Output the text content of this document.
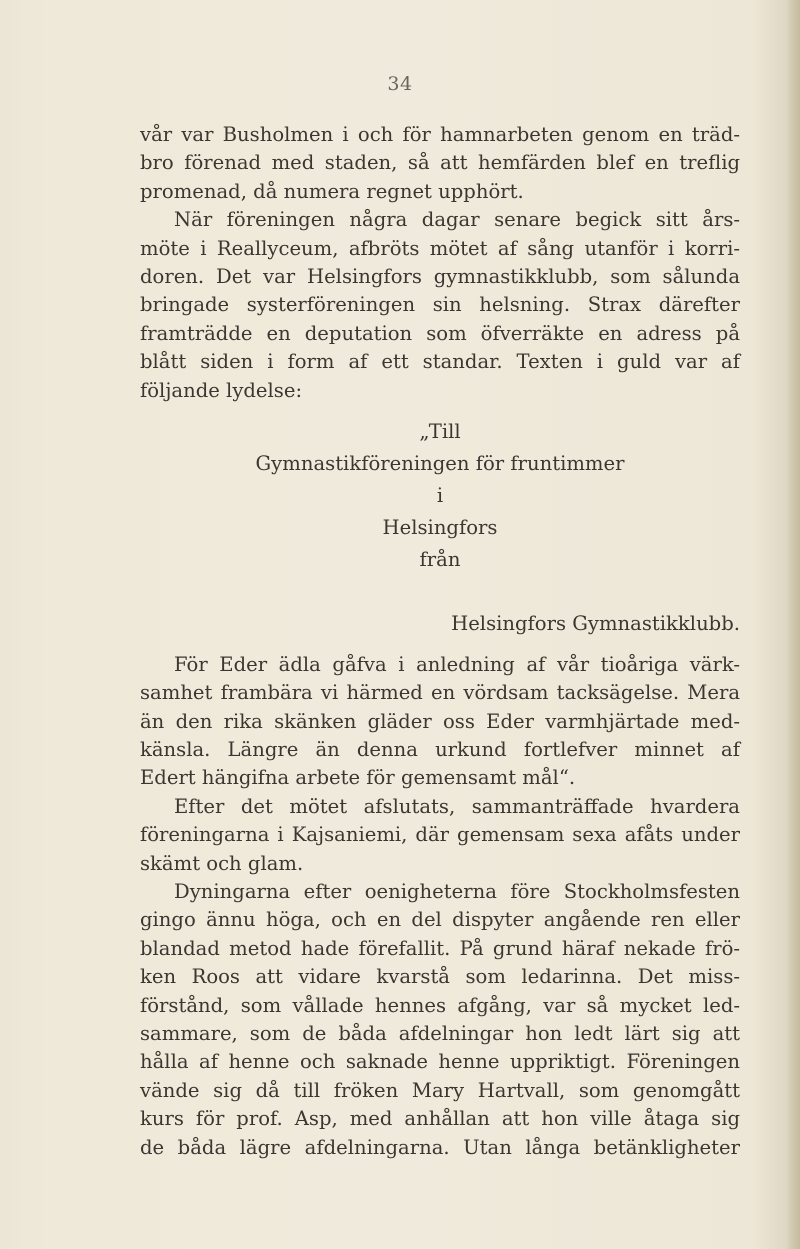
34
vår var Busholmen i och för hamnarbeten genom en träd-
bro förenad med staden, så att hemfärden blef en treflig
promenad, då numera regnet upphört.
När föreningen några dagar senare begick sitt års-
möte i Reallyceum, afbröts mötet af sång utanför i korri-
doren. Det var Helsingfors gymnastikklubb, som sålunda
bringade systerföreningen sin helsning. Strax därefter
framträdde en deputation som öfverräkte en adress på
blått siden i form af ett standar. Texten i guld var af
följande lydelse:
„Till
Gymnastikföreningen för fruntimmer
i
Helsingfors
från
Helsingfors Gymnastikklubb.
För Eder ädla gåfva i anledning af vår tioåriga värk-
samhet frambära vi härmed en vördsam tacksägelse. Mera
än den rika skänken gläder oss Eder varmhjärtade med-
känsla. Längre än denna urkund fortlefver minnet af
Edert hängifna arbete för gemensamt mål“.
Efter det mötet afslutats, sammanträffade hvardera
föreningarna i Kajsaniemi, där gemensam sexa afåts under
skämt och glam.
Dyningarna efter oenigheterna före Stockholmsfesten
gingo ännu höga, och en del dispyter angående ren eller
blandad metod hade förefallit. På grund häraf nekade frö-
ken Roos att vidare kvarstå som ledarinna. Det miss-
förstånd, som vållade hennes afgång, var så mycket led-
sammare, som de båda afdelningar hon ledt lärt sig att
hålla af henne och saknade henne uppriktigt. Föreningen
vände sig då till fröken Mary Hartvall, som genomgått
kurs för prof. Asp, med anhållan att hon ville åtaga sig
de båda lägre afdelningarna. Utan långa betänkligheter
